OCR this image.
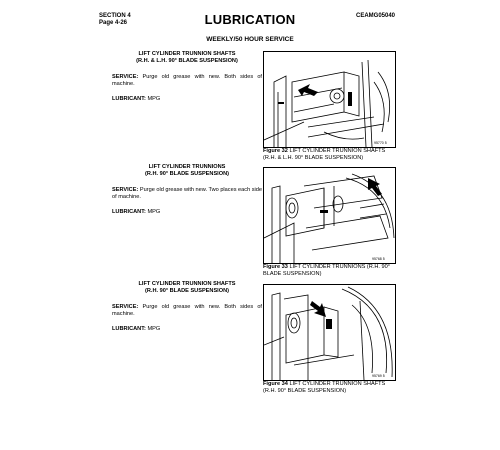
SECTION 4
Page 4-26	LUBRICATION	CEAMG05040
WEEKLY/50 HOUR SERVICE
LIFT CYLINDER TRUNNION SHAFTS
(R.H. & L.H. 90° BLADE SUSPENSION)

SERVICE: Purge old grease with new. Both sides of machine.

LUBRICANT: MPG

LIFT CYLINDER TRUNNIONS
(R.H. 90° BLADE SUSPENSION)

SERVICE: Purge old grease with new. Two places each side of machine.

LUBRICANT: MPG

LIFT CYLINDER TRUNNION SHAFTS
(R.H. 90° BLADE SUSPENSION)

SERVICE: Purge old grease with new. Both sides of machine.

LUBRICANT: MPG

95770 5
Figure 32 LIFT CYLINDER TRUNNION SHAFTS (R.H. & L.H. 90° BLADE SUSPENSION)
95768 5
Figure 33 LIFT CYLINDER TRUNNIONS (R.H. 90° BLADE SUSPENSION)
95769 5
Figure 34 LIFT CYLINDER TRUNNION SHAFTS (R.H. 90° BLADE SUSPENSION)
